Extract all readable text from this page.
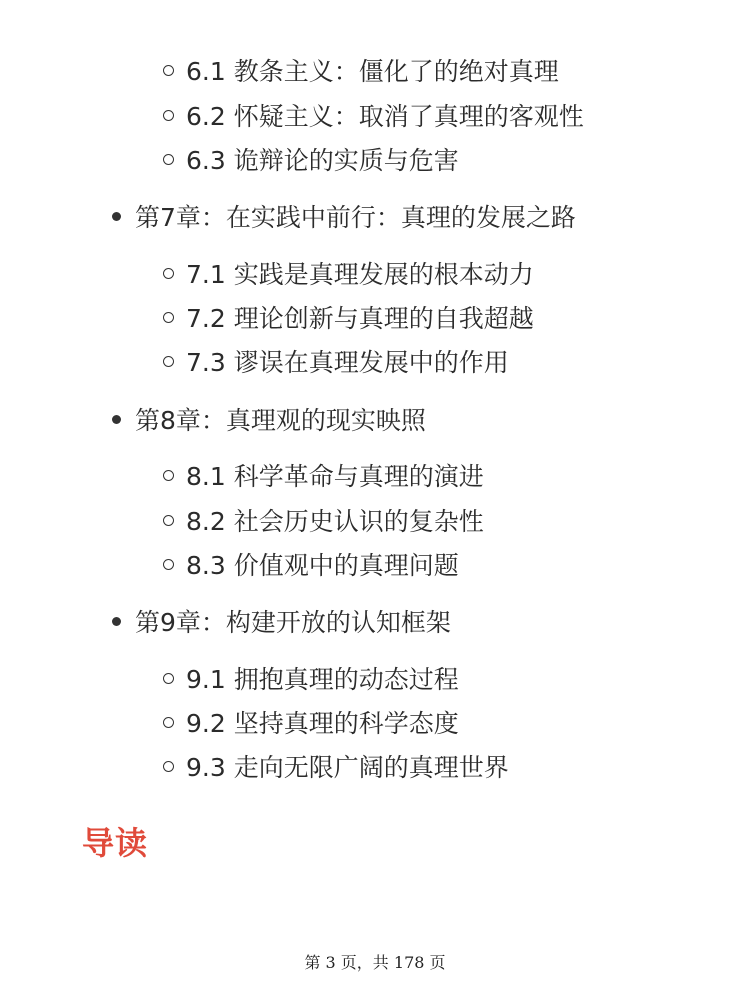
6.1 教条主义：僵化了的绝对真理
6.2 怀疑主义：取消了真理的客观性
6.3 诡辩论的实质与危害
第7章：在实践中前行：真理的发展之路
7.1 实践是真理发展的根本动力
7.2 理论创新与真理的自我超越
7.3 谬误在真理发展中的作用
第8章：真理观的现实映照
8.1 科学革命与真理的演进
8.2 社会历史认识的复杂性
8.3 价值观中的真理问题
第9章：构建开放的认知框架
9.1 拥抱真理的动态过程
9.2 坚持真理的科学态度
9.3 走向无限广阔的真理世界
导读
第 3 页，共 178 页
